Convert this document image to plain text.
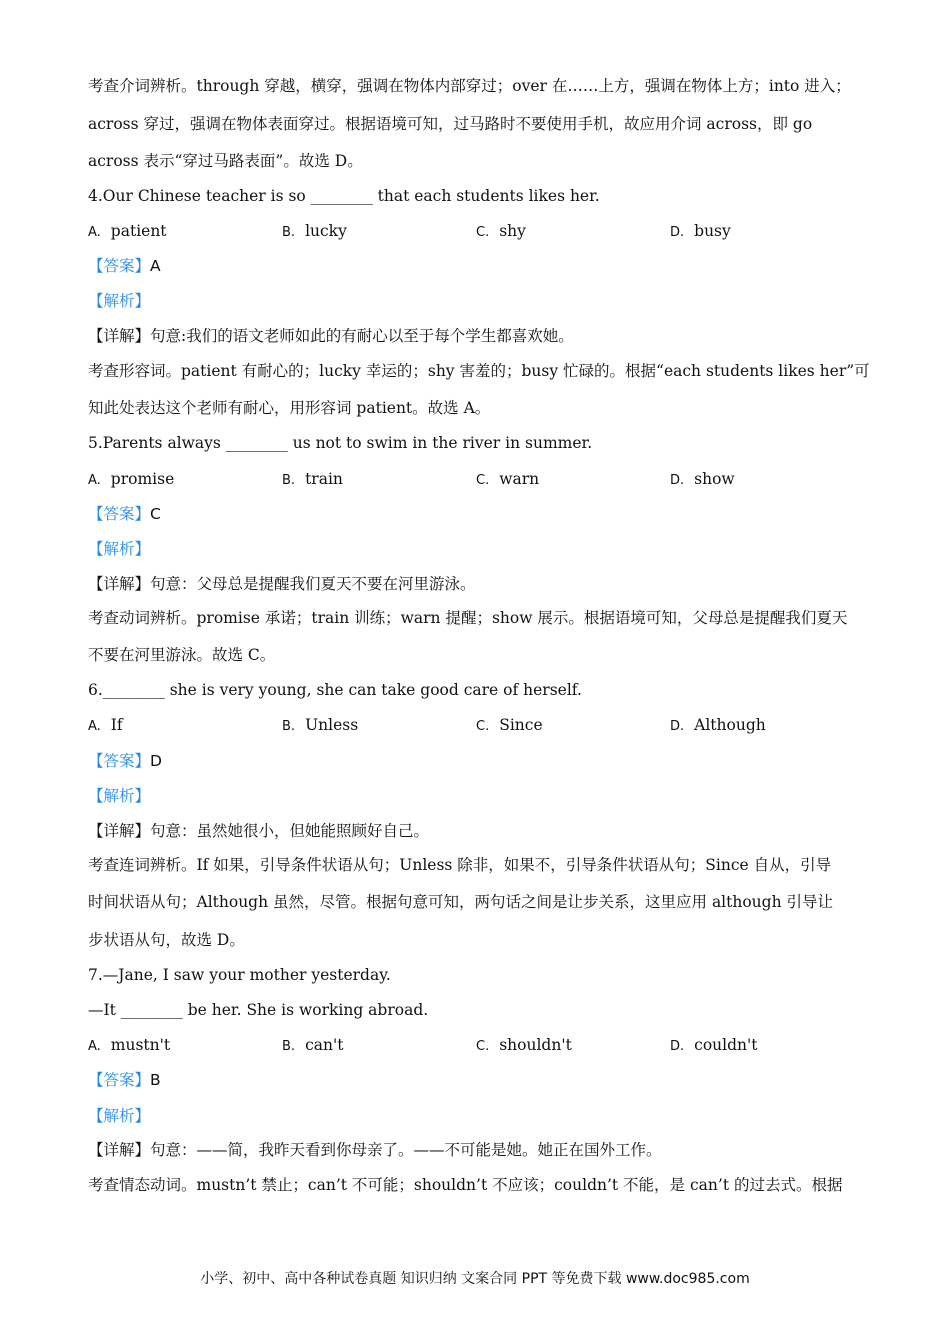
考查介词辨析。through 穿越，横穿，强调在物体内部穿过；over 在……上方，强调在物体上方；into 进入；
across 穿过，强调在物体表面穿过。根据语境可知，过马路时不要使用手机，故应用介词 across，即 go
across 表示“穿过马路表面”。故选 D。
4.Our Chinese teacher is so ________ that each students likes her.
A. patient	B. lucky	C. shy	D. busy
【答案】A
【解析】
【详解】句意:我们的语文老师如此的有耐心以至于每个学生都喜欢她。
考查形容词。patient 有耐心的；lucky 幸运的；shy 害羞的；busy 忙碌的。根据“each students likes her”可
知此处表达这个老师有耐心，用形容词 patient。故选 A。
5.Parents always ________ us not to swim in the river in summer.
A. promise	B. train	C. warn	D. show
【答案】C
【解析】
【详解】句意：父母总是提醒我们夏天不要在河里游泳。
考查动词辨析。promise 承诺；train 训练；warn 提醒；show 展示。根据语境可知，父母总是提醒我们夏天
不要在河里游泳。故选 C。
6.________ she is very young, she can take good care of herself.
A. If	B. Unless	C. Since	D. Although
【答案】D
【解析】
【详解】句意：虽然她很小，但她能照顾好自己。
考查连词辨析。If 如果，引导条件状语从句；Unless 除非，如果不，引导条件状语从句；Since 自从，引导
时间状语从句；Although 虽然，尽管。根据句意可知，两句话之间是让步关系，这里应用 although 引导让
步状语从句，故选 D。
7.—Jane, I saw your mother yesterday.
—It ________ be her. She is working abroad.
A. mustn't	B. can't	C. shouldn't	D. couldn't
【答案】B
【解析】
【详解】句意：——简，我昨天看到你母亲了。——不可能是她。她正在国外工作。
考查情态动词。mustn’t 禁止；can’t 不可能；shouldn’t 不应该；couldn’t 不能，是 can’t 的过去式。根据
小学、初中、高中各种试卷真题 知识归纳 文案合同 PPT 等免费下载 www.doc985.com
